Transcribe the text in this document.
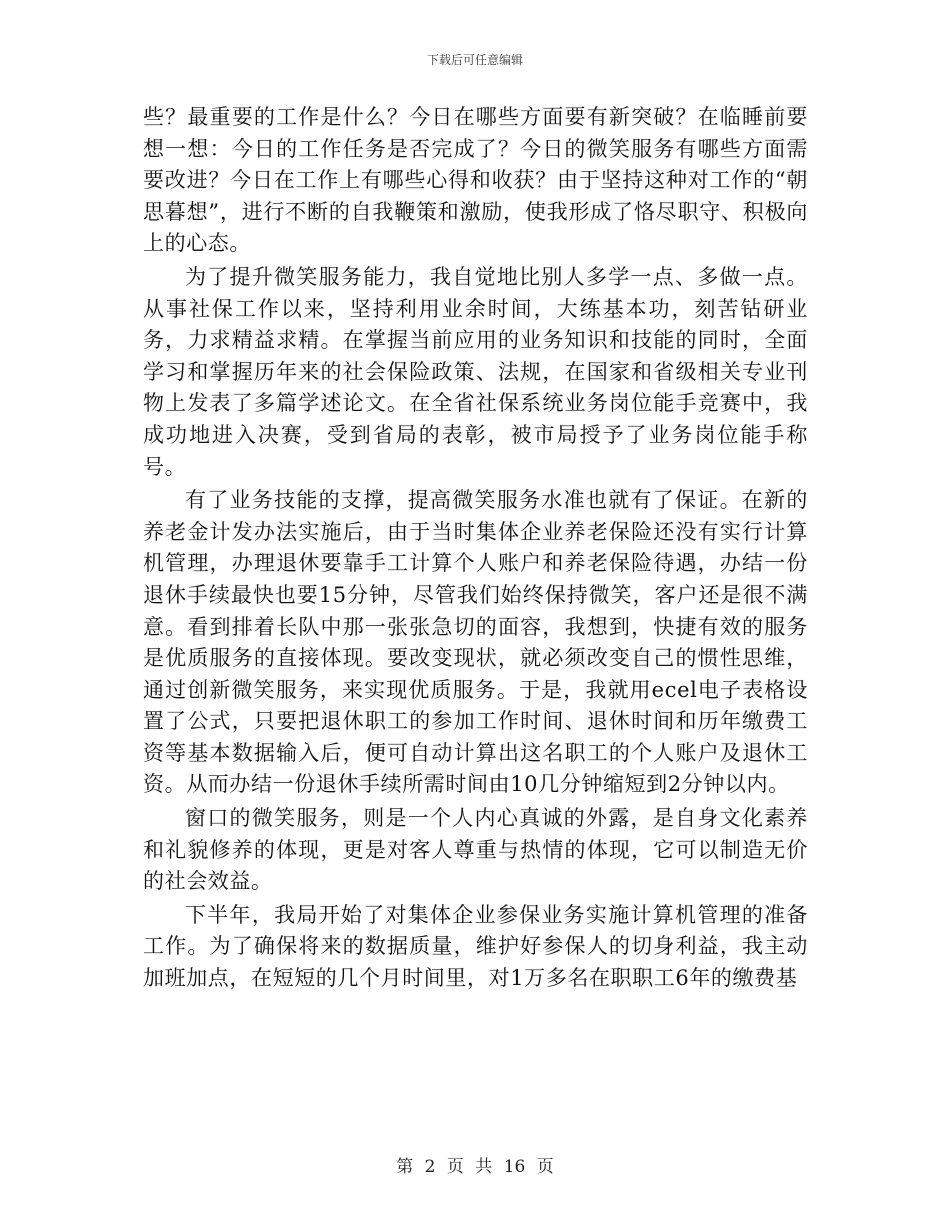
下载后可任意编辑

些？最重要的工作是什么？今日在哪些方面要有新突破？在临睡前要想一想：今日的工作任务是否完成了？今日的微笑服务有哪些方面需要改进？今日在工作上有哪些心得和收获？由于坚持这种对工作的“朝思暮想”，进行不断的自我鞭策和激励，使我形成了恪尽职守、积极向上的心态。

为了提升微笑服务能力，我自觉地比别人多学一点、多做一点。从事社保工作以来，坚持利用业余时间，大练基本功，刻苦钻研业务，力求精益求精。在掌握当前应用的业务知识和技能的同时，全面学习和掌握历年来的社会保险政策、法规，在国家和省级相关专业刊物上发表了多篇学述论文。在全省社保系统业务岗位能手竞赛中，我成功地进入决赛，受到省局的表彰，被市局授予了业务岗位能手称号。

有了业务技能的支撑，提高微笑服务水准也就有了保证。在新的养老金计发办法实施后，由于当时集体企业养老保险还没有实行计算机管理，办理退休要靠手工计算个人账户和养老保险待遇，办结一份退休手续最快也要15分钟，尽管我们始终保持微笑，客户还是很不满意。看到排着长队中那一张张急切的面容，我想到，快捷有效的服务是优质服务的直接体现。要改变现状，就必须改变自己的惯性思维，通过创新微笑服务，来实现优质服务。于是，我就用ecel电子表格设置了公式，只要把退休职工的参加工作时间、退休时间和历年缴费工资等基本数据输入后，便可自动计算出这名职工的个人账户及退休工资。从而办结一份退休手续所需时间由10几分钟缩短到2分钟以内。

窗口的微笑服务，则是一个人内心真诚的外露，是自身文化素养和礼貌修养的体现，更是对客人尊重与热情的体现，它可以制造无价的社会效益。

下半年，我局开始了对集体企业参保业务实施计算机管理的准备工作。为了确保将来的数据质量，维护好参保人的切身利益，我主动加班加点，在短短的几个月时间里，对1万多名在职职工6年的缴费基

第 2 页 共 16 页
